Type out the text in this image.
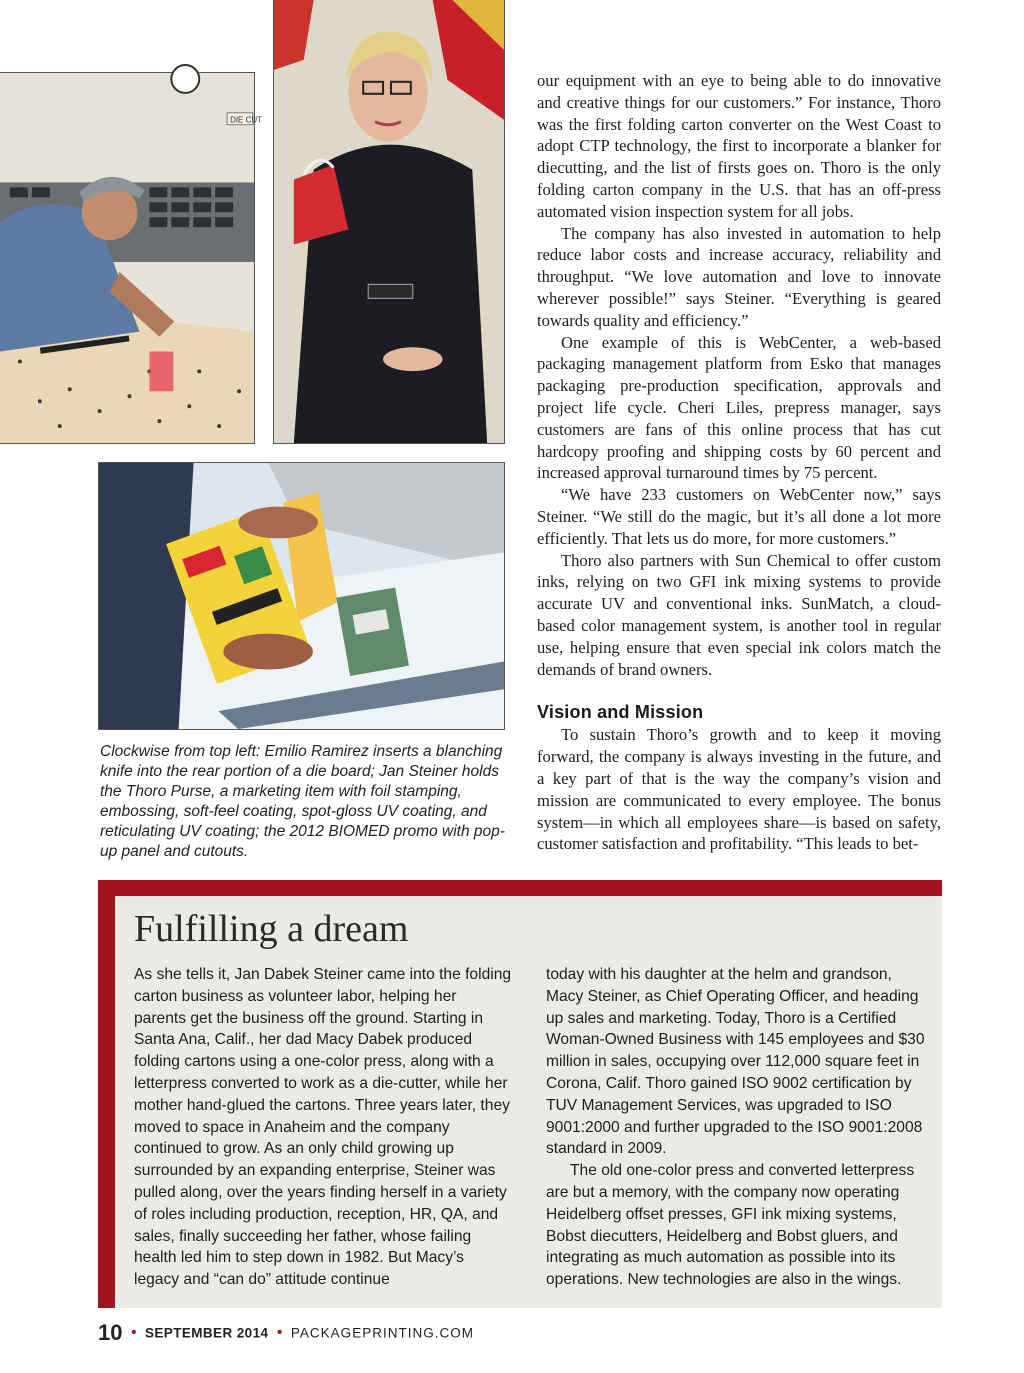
DIE CUT

Clockwise from top left: Emilio Ramirez inserts a blanching knife into the rear portion of a die board; Jan Steiner holds the Thoro Purse, a marketing item with foil stamping, embossing, soft-feel coating, spot-gloss UV coating, and reticulating UV coating; the 2012 BIOMED promo with pop-up panel and cutouts.

our equipment with an eye to being able to do innovative and creative things for our customers.” For instance, Thoro was the first folding carton converter on the West Coast to adopt CTP technology, the first to incorporate a blanker for diecutting, and the list of firsts goes on. Thoro is the only folding carton company in the U.S. that has an off-press automated vision inspection system for all jobs.

The company has also invested in automation to help reduce labor costs and increase accuracy, reliability and throughput. “We love automation and love to innovate wherever possible!” says Steiner. “Everything is geared towards quality and efficiency.”

One example of this is WebCenter, a web-based packaging management platform from Esko that manages packaging pre-production specification, approvals and project life cycle. Cheri Liles, prepress manager, says customers are fans of this online process that has cut hardcopy proofing and shipping costs by 60 percent and increased approval turnaround times by 75 percent.

“We have 233 customers on WebCenter now,” says Steiner. “We still do the magic, but it’s all done a lot more efficiently. That lets us do more, for more customers.”

Thoro also partners with Sun Chemical to offer custom inks, relying on two GFI ink mixing systems to provide accurate UV and conventional inks. SunMatch, a cloud-based color management system, is another tool in regular use, helping ensure that even special ink colors match the demands of brand owners.

Vision and Mission

To sustain Thoro’s growth and to keep it moving forward, the company is always investing in the future, and a key part of that is the way the company’s vision and mission are communicated to every employee. The bonus system—in which all employees share—is based on safety, customer satisfaction and profitability. “This leads to bet-

Fulfilling a dream

As she tells it, Jan Dabek Steiner came into the folding carton business as volunteer labor, helping her parents get the business off the ground. Starting in Santa Ana, Calif., her dad Macy Dabek produced folding cartons using a one-color press, along with a letterpress converted to work as a die-cutter, while her mother hand-glued the cartons. Three years later, they moved to space in Anaheim and the company continued to grow. As an only child growing up surrounded by an expanding enterprise, Steiner was pulled along, over the years finding herself in a variety of roles including production, reception, HR, QA, and sales, finally succeeding her father, whose failing health led him to step down in 1982. But Macy’s legacy and “can do” attitude continue

today with his daughter at the helm and grandson, Macy Steiner, as Chief Operating Officer, and heading up sales and marketing. Today, Thoro is a Certified Woman-Owned Business with 145 employees and $30 million in sales, occupying over 112,000 square feet in Corona, Calif. Thoro gained ISO 9002 certification by TUV Management Services, was upgraded to ISO 9001:2000 and further upgraded to the ISO 9001:2008 standard in 2009.

The old one-color press and converted letterpress are but a memory, with the company now operating Heidelberg offset presses, GFI ink mixing systems, Bobst diecutters, Heidelberg and Bobst gluers, and integrating as much automation as possible into its operations. New technologies are also in the wings.

10 • SEPTEMBER 2014 • PACKAGEPRINTING.COM
